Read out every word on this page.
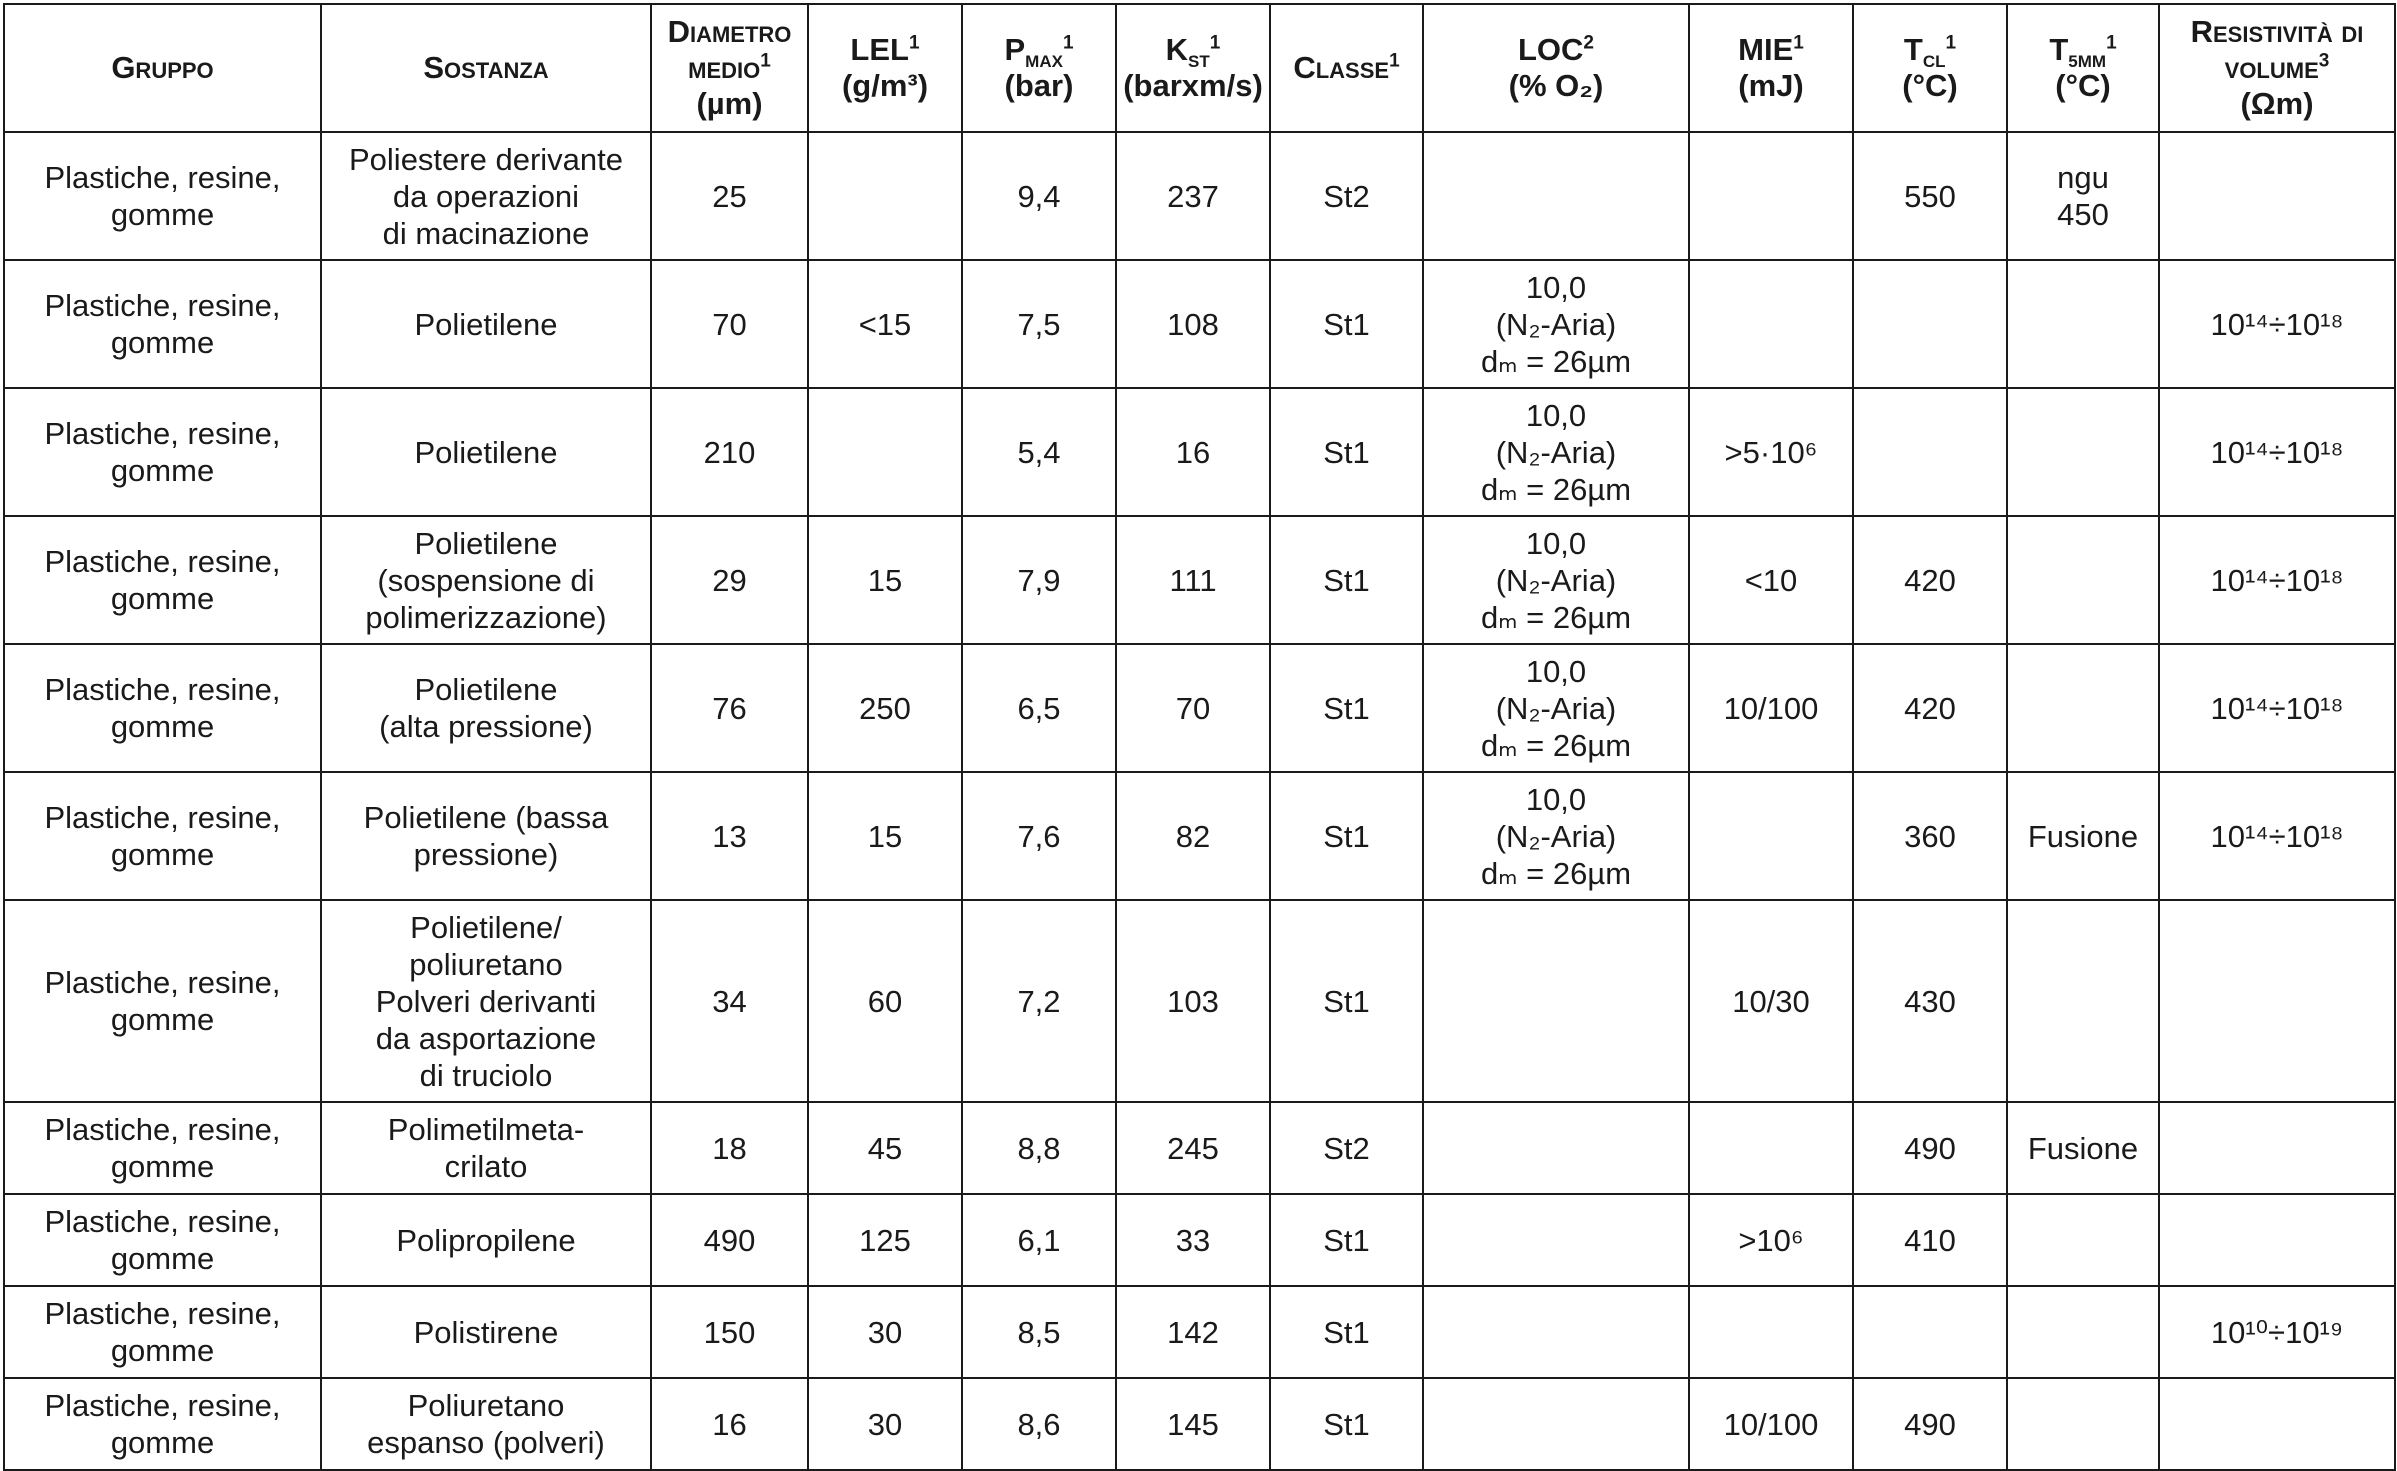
Gruppo	Sostanza	Diametro medio$^1$
(µm)	LEL$^1$
(g/m³)	$P_{MAX}^1$
(bar)	$K_{ST}^1$
(barxm/s)	Classe$^1$	LOC$^2$
(% O₂)	MIE$^1$
(mJ)	$T_{CL}^1$
(°C)	$T_{5MM}^1$
(°C)	Resistività di volume$^3$
(Ωm)

Plastiche, resine,
gomme	Poliestere derivante
da operazioni
di macinazione	25		9,4	237	St2			550	ngu
450	

Plastiche, resine,
gomme	Polietilene	70	<15	7,5	108	St1	10,0
(N₂-Aria)
dₘ = 26µm				10¹⁴÷10¹⁸

Plastiche, resine,
gomme	Polietilene	210		5,4	16	St1	10,0
(N₂-Aria)
dₘ = 26µm	>5·10⁶			10¹⁴÷10¹⁸

Plastiche, resine,
gomme	Polietilene
(sospensione di
polimerizzazione)	29	15	7,9	111	St1	10,0
(N₂-Aria)
dₘ = 26µm	<10	420		10¹⁴÷10¹⁸

Plastiche, resine,
gomme	Polietilene
(alta pressione)	76	250	6,5	70	St1	10,0
(N₂-Aria)
dₘ = 26µm	10/100	420		10¹⁴÷10¹⁸

Plastiche, resine,
gomme	Polietilene (bassa
pressione)	13	15	7,6	82	St1	10,0
(N₂-Aria)
dₘ = 26µm		360	Fusione	10¹⁴÷10¹⁸

Plastiche, resine,
gomme	Polietilene/
poliuretano
Polveri derivanti
da asportazione
di truciolo	34	60	7,2	103	St1		10/30	430		

Plastiche, resine,
gomme	Polimetilmeta-
crilato	18	45	8,8	245	St2			490	Fusione	

Plastiche, resine,
gomme	Polipropilene	490	125	6,1	33	St1		>10⁶	410		

Plastiche, resine,
gomme	Polistirene	150	30	8,5	142	St1					10¹⁰÷10¹⁹

Plastiche, resine,
gomme	Poliuretano
espanso (polveri)	16	30	8,6	145	St1		10/100	490		
